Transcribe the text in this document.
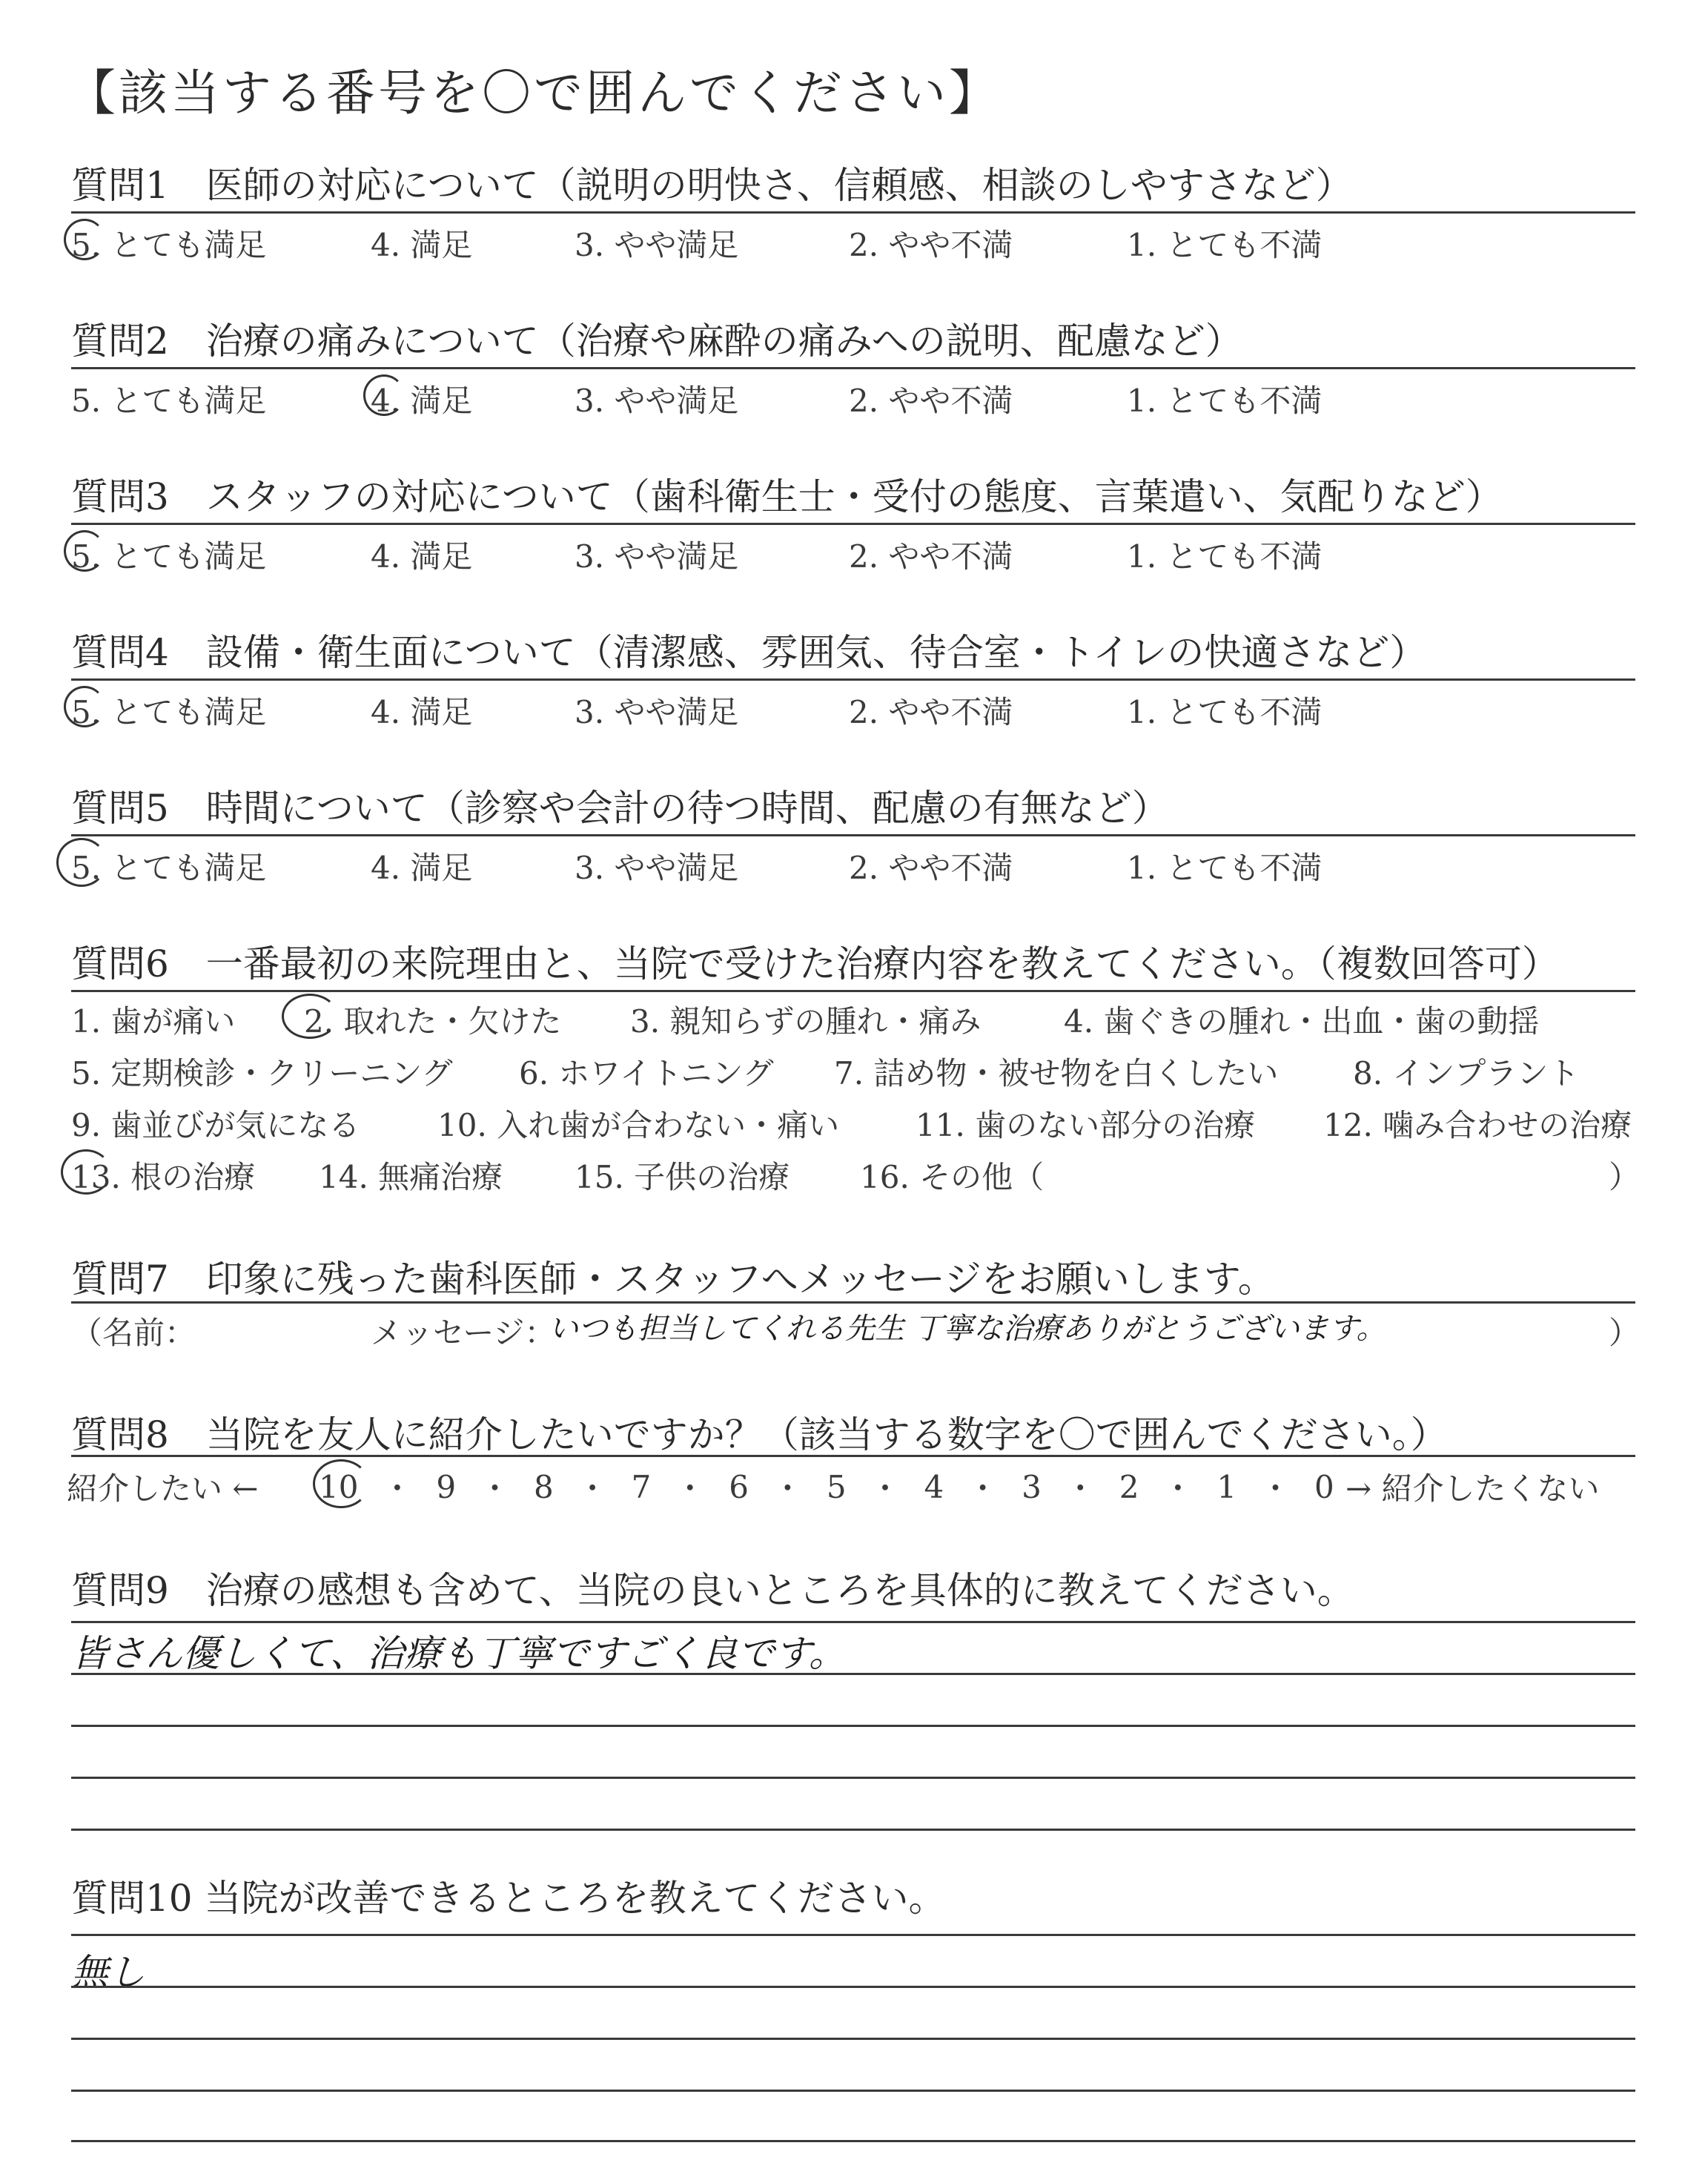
【該当する番号を〇で囲んでください】
質問1　医師の対応について（説明の明快さ、信頼感、相談のしやすさなど）
5. とても満足	4. 満足	3. やや満足	2. やや不満	1. とても不満
質問2　治療の痛みについて（治療や麻酔の痛みへの説明、配慮など）
5. とても満足	4. 満足	3. やや満足	2. やや不満	1. とても不満
質問3　スタッフの対応について（歯科衛生士・受付の態度、言葉遣い、気配りなど）
5. とても満足	4. 満足	3. やや満足	2. やや不満	1. とても不満
質問4　設備・衛生面について（清潔感、雰囲気、待合室・トイレの快適さなど）
5. とても満足	4. 満足	3. やや満足	2. やや不満	1. とても不満
質問5　時間について（診察や会計の待つ時間、配慮の有無など）
5. とても満足	4. 満足	3. やや満足	2. やや不満	1. とても不満
質問6　一番最初の来院理由と、当院で受けた治療内容を教えてください。（複数回答可）
1. 歯が痛い 2. 取れた・欠けた 3. 親知らずの腫れ・痛み	4. 歯ぐきの腫れ・出血・歯の動揺
5. 定期検診・クリーニング 6. ホワイトニング 7. 詰め物・被せ物を白くしたい 8. インプラント
9. 歯並びが気になる 10. 入れ歯が合わない・痛い 11. 歯のない部分の治療 12. 噛み合わせの治療
13. 根の治療 14. 無痛治療 15. 子供の治療 16. その他（	）
質問7　印象に残った歯科医師・スタッフへメッセージをお願いします。
（名前：	メッセージ：
いつも担当してくれる先生 丁寧な治療ありがとうございます。	）
質問8　当院を友人に紹介したいですか？（該当する数字を〇で囲んでください。）
紹介したい ← 10 ・ 9 ・ 8 ・ 7 ・ 6 ・ 5 ・ 4 ・ 3 ・ 2 ・ 1 ・ 0 → 紹介したくない
質問9　治療の感想も含めて、当院の良いところを具体的に教えてください。
皆さん優しくて、治療も丁寧ですごく良です。
質問10 当院が改善できるところを教えてください。
無し
